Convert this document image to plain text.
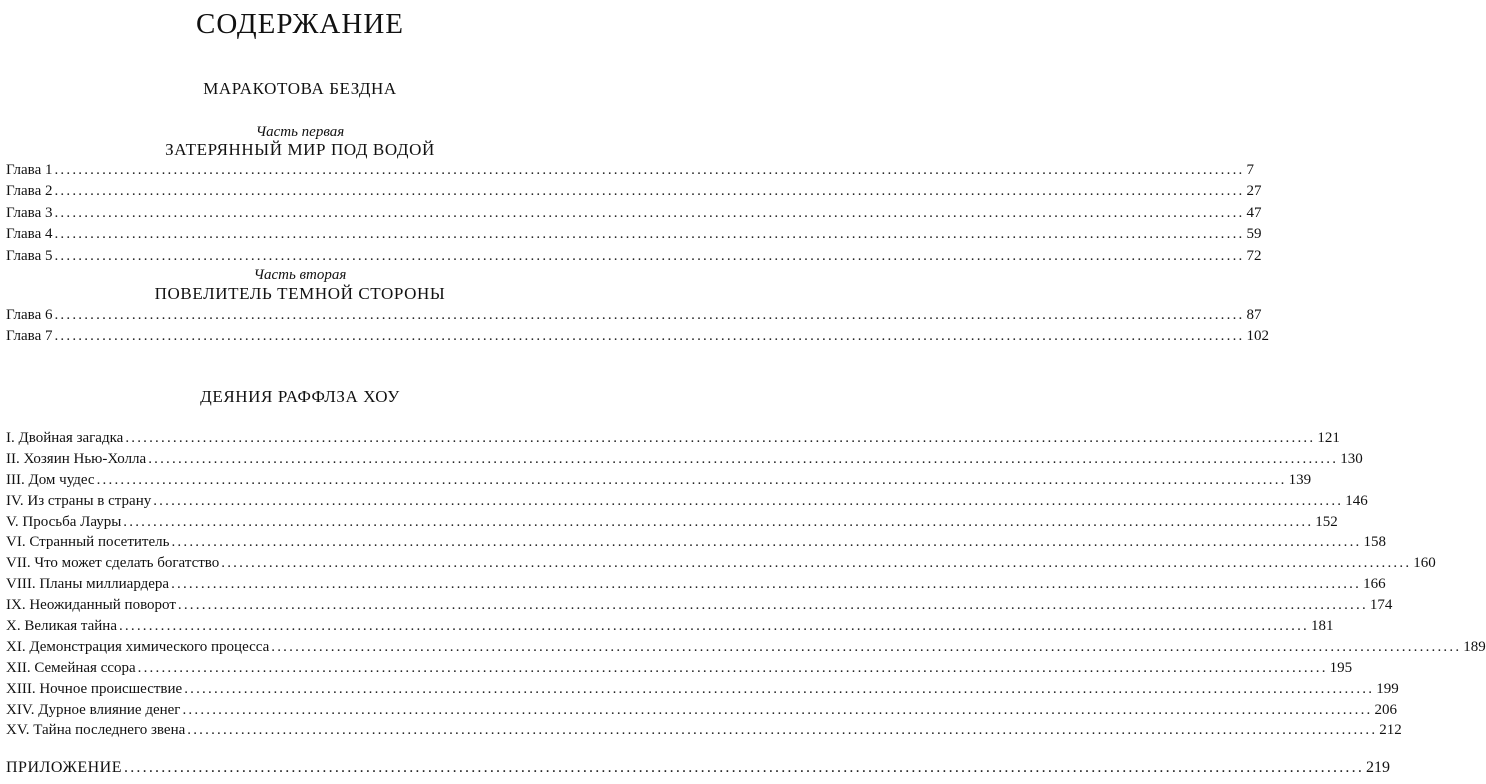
СОДЕРЖАНИЕ
МАРАКОТОВА БЕЗДНА
Часть первая
ЗАТЕРЯННЫЙ МИР ПОД ВОДОЙ
Глава 1 ........................................................................................................................................................................................................ 7
Глава 2 ........................................................................................................................................................................................................ 27
Глава 3 ........................................................................................................................................................................................................ 47
Глава 4 ........................................................................................................................................................................................................ 59
Глава 5 ........................................................................................................................................................................................................ 72
Часть вторая
ПОВЕЛИТЕЛЬ ТЕМНОЙ СТОРОНЫ
Глава 6 ........................................................................................................................................................................................................ 87
Глава 7 ........................................................................................................................................................................................................ 102
ДЕЯНИЯ РАФФЛЗА ХОУ
I. Двойная загадка ........................................................................................................................................................................................................ 121
II. Хозяин Нью-Холла ........................................................................................................................................................................................................ 130
III. Дом чудес ........................................................................................................................................................................................................ 139
IV. Из страны в страну ........................................................................................................................................................................................................ 146
V. Просьба Лауры ........................................................................................................................................................................................................ 152
VI. Странный посетитель ........................................................................................................................................................................................................ 158
VII. Что может сделать богатство ........................................................................................................................................................................................................ 160
VIII. Планы миллиардера ........................................................................................................................................................................................................ 166
IX. Неожиданный поворот ........................................................................................................................................................................................................ 174
X. Великая тайна ........................................................................................................................................................................................................ 181
XI. Демонстрация химического процесса ........................................................................................................................................................................................................ 189
XII. Семейная ссора ........................................................................................................................................................................................................ 195
XIII. Ночное происшествие ........................................................................................................................................................................................................ 199
XIV. Дурное влияние денег ........................................................................................................................................................................................................ 206
XV. Тайна последнего звена ........................................................................................................................................................................................................ 212
ПРИЛОЖЕНИЕ ........................................................................................................................................................................................................ 219
